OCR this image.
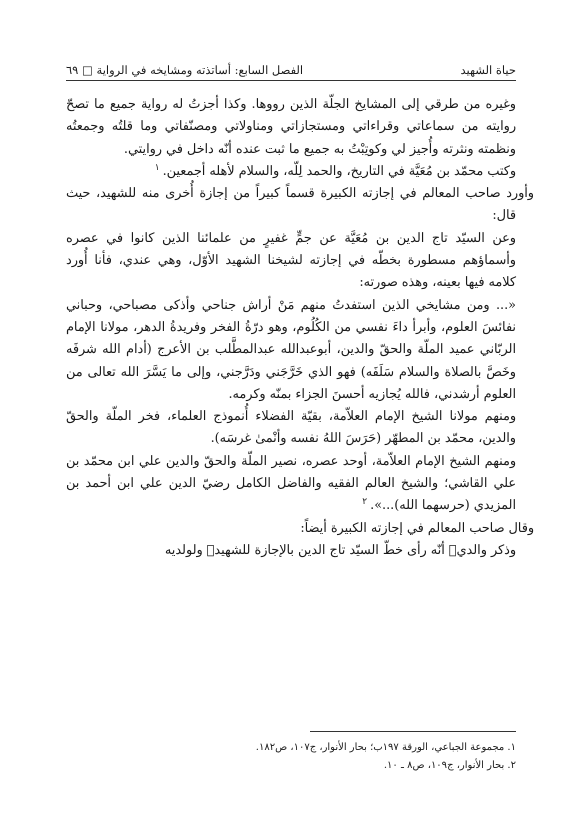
حياة الشهيد
الفصل السابع: أساتذته ومشايخه في الرواية □ ٦٩

وغيره من طرقي إلى المشايخ الجلّة الذين رووها. وكذا أجزتُ له رواية جميع ما تصحّ روايته من سماعاتي وقراءاتي ومستجازاتي ومناولاتي ومصنّفاتي وما قلتُه وجمعتُه ونظمته ونثرته وأُجيز لي وكوتِبْتُ به جميع ما ثبت عنده أنّه داخل في روايتي.

وكتب محمّد بن مُعَيَّة في التاريخ، والحمد لِلّه، والسلام لأهله أجمعين.$^١$

وأورد صاحب المعالم في إجازته الكبيرة قسماً كبيراً من إجازة أُخرى منه للشهيد، حيث قال:

وعن السيّد تاج الدين بن مُعَيَّة عن جمٍّ غفيرٍ من علمائنا الذين كانوا في عصره وأسماؤهم مسطورة بخطّه في إجازته لشيخنا الشهيد الأوّل، وهي عندي، فأنا أُورد كلامه فيها بعينه، وهذه صورته:

«... ومن مشايخي الذين استفدتُ منهم مَنْ أراش جناحي وأذكى مصباحي، وحباني نفائسَ العلوم، وأبرأ داءَ نفسي من الكُلُوم، وهو درّةُ الفخر وفريدةُ الدهر، مولانا الإمام الربّاني عميد الملّة والحقّ والدين، أبوعبدالله عبدالمطَّلب بن الأعرج (أدام الله شرفَه وخَصَّ بالصلاة والسلام سَلَفَه) فهو الذي خَرَّجَني ودَرَّجني، وإلى ما يَسَّرَ الله تعالى من العلوم أرشدني، فالله يُجازيه أحسنَ الجزاء بمنّه وكرمه.

ومنهم مولانا الشيخ الإمام العلاّمة، بقيّة الفضلاء أُنموذج العلماء، فخر الملّة والحقّ والدين، محمّد بن المطهّر (حَرَسَ اللهُ نفسه وأنْمىٰ غرسَه).

ومنهم الشيخ الإمام العلاّمة، أوحد عصره، نصير الملّة والحقّ والدين علي ابن محمّد بن علي القاشي؛ والشيخ العالم الفقيه والفاضل الكامل رضيّ الدين علي ابن أحمد بن المزيدي (حرسهما الله)...».$^٢$

وقال صاحب المعالم في إجازته الكبيرة أيضاً:

وذكر والدي﷫ أنّه رأى خطّ السيّد تاج الدين بالإجازة للشهيد﷫ ولولديه

١. مجموعة الجباعي، الورقة ١٩٧ب؛ بحار الأنوار، ج١٠٧، ص١٨٢.

٢. بحار الأنوار، ج١٠٩، ص٨ ـ ١٠.
